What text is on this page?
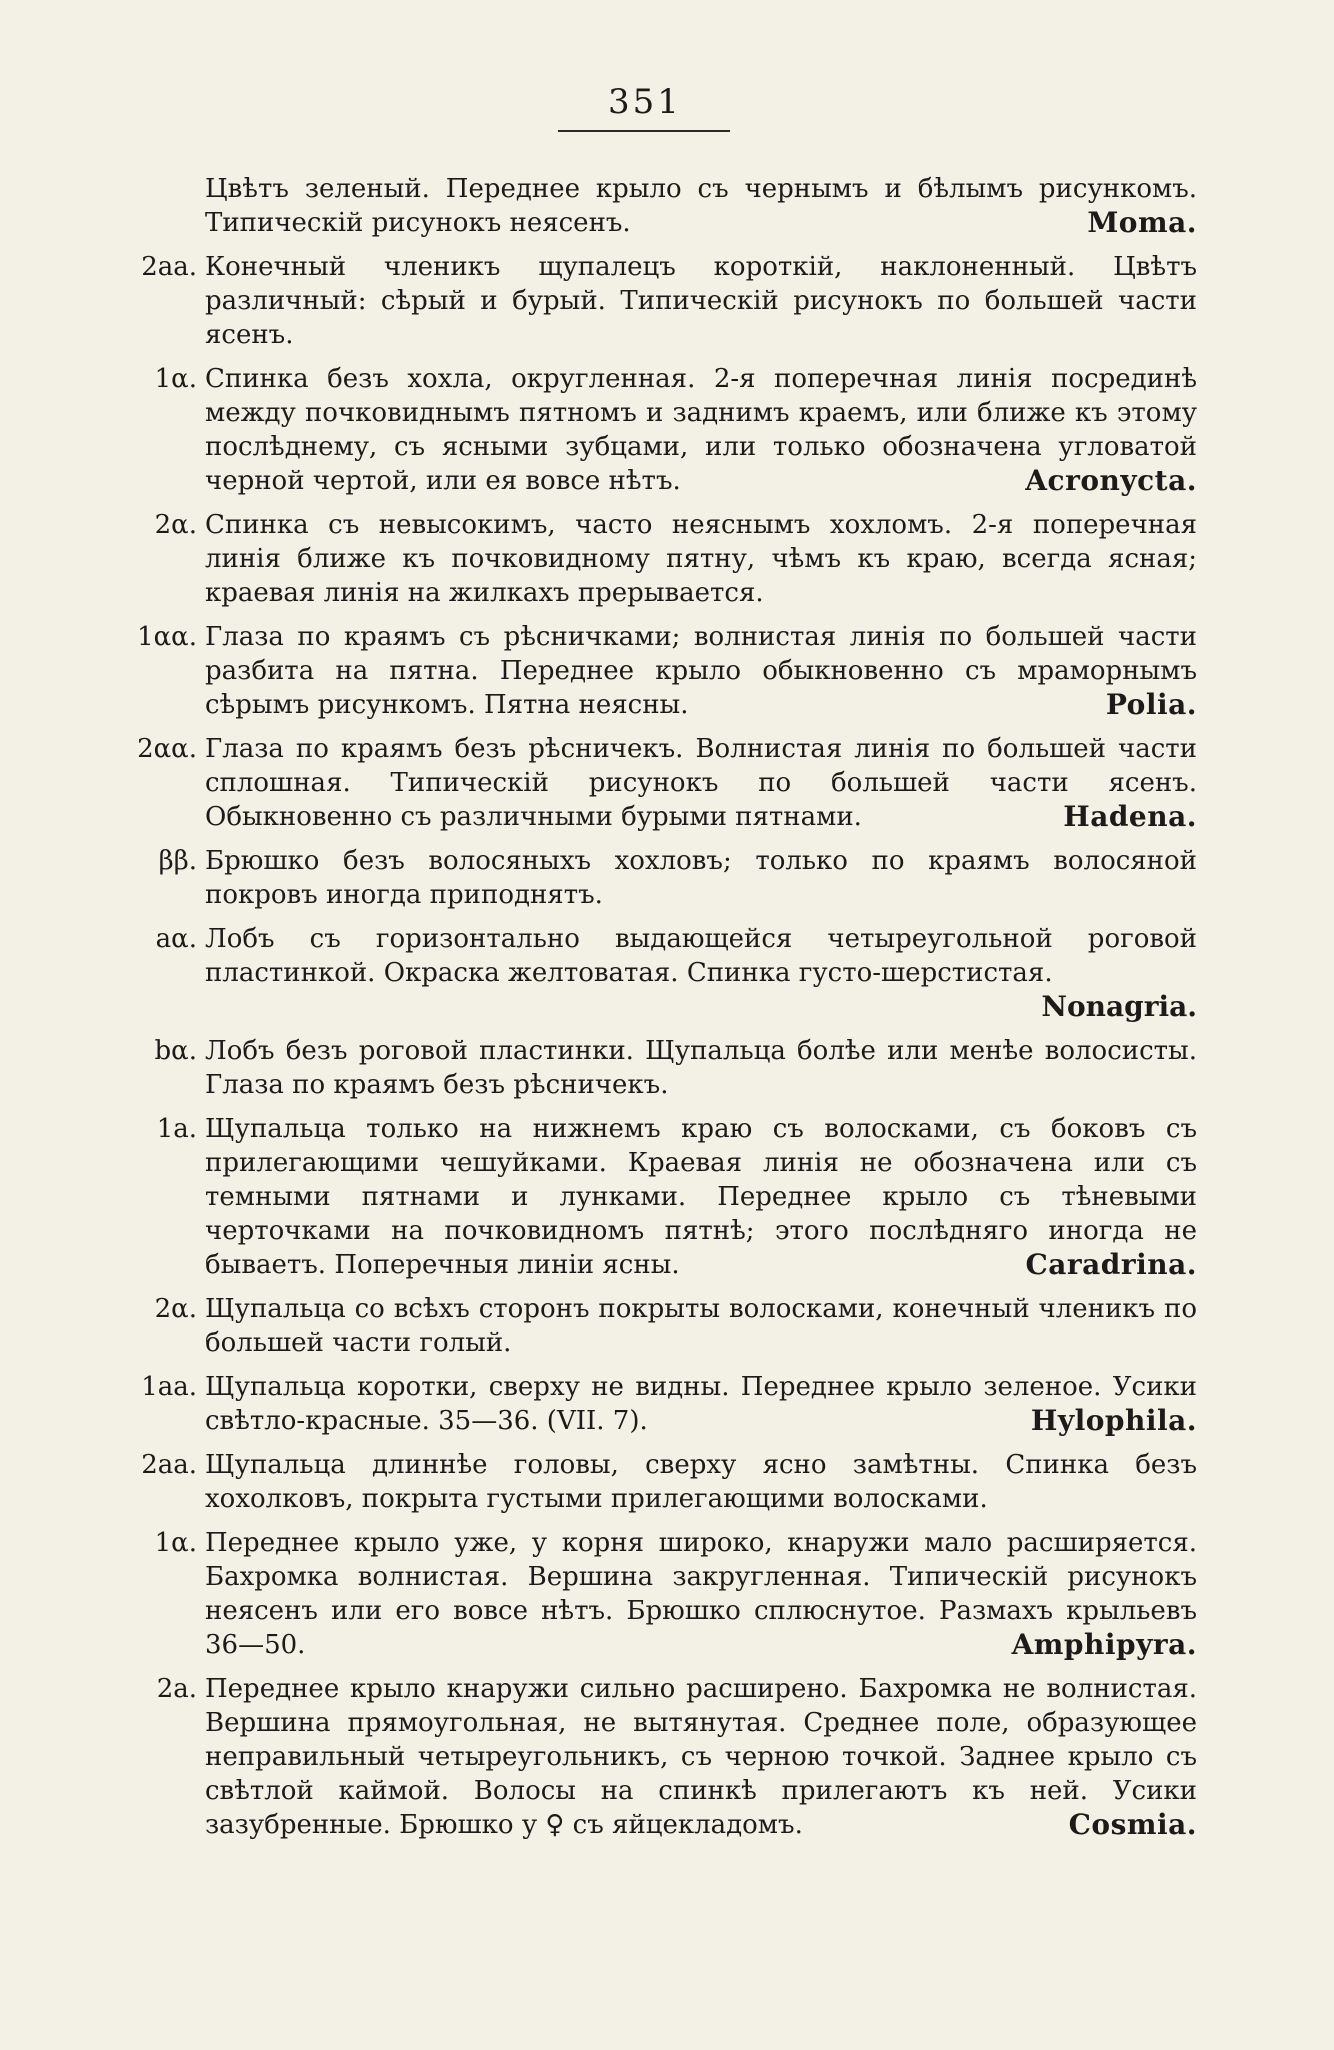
351
Цвѣтъ зеленый. Переднее крыло съ чернымъ и бѣлымъ рисункомъ. Типическій рисунокъ неясенъ.	Moma.
2aa. Конечный членикъ щупалецъ короткій, наклоненный. Цвѣтъ различный: сѣрый и бурый. Типическій рисунокъ по большей части ясенъ.
1α. Спинка безъ хохла, округленная. 2-я поперечная линія посрединѣ между почковиднымъ пятномъ и заднимъ краемъ, или ближе къ этому послѣднему, съ ясными зубцами, или только обозначена угловатой черной чертой, или ея вовсе нѣтъ.	Acronycta.
2α. Спинка съ невысокимъ, часто неяснымъ хохломъ. 2-я поперечная линія ближе къ почковидному пятну, чѣмъ къ краю, всегда ясная; краевая линія на жилкахъ прерывается.
1αα. Глаза по краямъ съ рѣсничками; волнистая линія по большей части разбита на пятна. Переднее крыло обыкновенно съ мраморнымъ сѣрымъ рисункомъ. Пятна неясны.	Polia.
2αα. Глаза по краямъ безъ рѣсничекъ. Волнистая линія по большей части сплошная. Типическій рисунокъ по большей части ясенъ. Обыкновенно съ различными бурыми пятнами.	Hadena.
ββ. Брюшко безъ волосяныхъ хохловъ; только по краямъ волосяной покровъ иногда приподнятъ.
aα. Лобъ съ горизонтально выдающейся четыреугольной роговой пластинкой. Окраска желтоватая. Спинка густо-шерстистая.
Nonagria.
bα. Лобъ безъ роговой пластинки. Щупальца болѣе или менѣе волосисты. Глаза по краямъ безъ рѣсничекъ.
1a. Щупальца только на нижнемъ краю съ волосками, съ боковъ съ прилегающими чешуйками. Краевая линія не обозначена или съ темными пятнами и лунками. Переднее крыло съ тѣневыми черточками на почковидномъ пятнѣ; этого послѣдняго иногда не бываетъ. Поперечныя линіи ясны.	Caradrina.
2α. Щупальца со всѣхъ сторонъ покрыты волосками, конечный членикъ по большей части голый.
1aa. Щупальца коротки, сверху не видны. Переднее крыло зеленое. Усики свѣтло-красные. 35—36. (VII. 7).	Hylophila.
2aa. Щупальца длиннѣе головы, сверху ясно замѣтны. Спинка безъ хохолковъ, покрыта густыми прилегающими волосками.
1α. Переднее крыло уже, у корня широко, кнаружи мало расширяется. Бахромка волнистая. Вершина закругленная. Типическій рисунокъ неясенъ или его вовсе нѣтъ. Брюшко сплюснутое. Размахъ крыльевъ 36—50.	Amphipyra.
2a. Переднее крыло кнаружи сильно расширено. Бахромка не волнистая. Вершина прямоугольная, не вытянутая. Среднее поле, образующее неправильный четыреугольникъ, съ черною точкой. Заднее крыло съ свѣтлой каймой. Волосы на спинкѣ прилегаютъ къ ней. Усики зазубренные. Брюшко у ♀ съ яйцекладомъ.	Cosmia.
